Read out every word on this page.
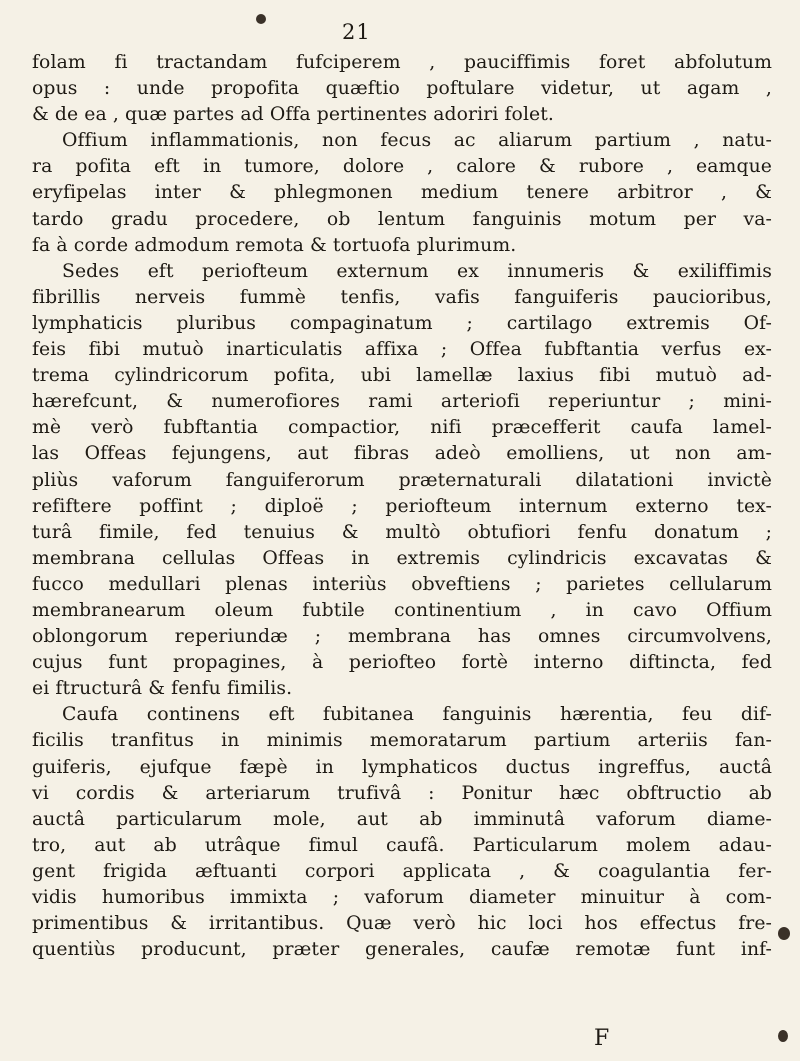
21
folam fi tractandam fufciperem , pauciffimis foret abfolutum
opus : unde propofita quæftio poftulare videtur, ut agam ,
& de ea , quæ partes ad Offa pertinentes adoriri folet.
Offium inflammationis, non fecus ac aliarum partium , natu-
ra pofita eft in tumore, dolore , calore & rubore , eamque
eryfipelas inter & phlegmonen medium tenere arbitror , &
tardo gradu procedere, ob lentum fanguinis motum per va-
fa à corde admodum remota & tortuofa plurimum.
Sedes eft periofteum externum ex innumeris & exiliffimis
fibrillis nerveis fummè tenfis, vafis fanguiferis paucioribus,
lymphaticis pluribus compaginatum ; cartilago extremis Of-
feis fibi mutuò inarticulatis affixa ; Offea fubftantia verfus ex-
trema cylindricorum pofita, ubi lamellæ laxius fibi mutuò ad-
hærefcunt, & numerofiores rami arteriofi reperiuntur ; mini-
mè verò fubftantia compactior, nifi præcefferit caufa lamel-
las Offeas fejungens, aut fibras adeò emolliens, ut non am-
pliùs vaforum fanguiferorum præternaturali dilatationi invictè
refiftere poffint ; diploë ; periofteum internum externo tex-
turâ fimile, fed tenuius & multò obtufiori fenfu donatum ;
membrana cellulas Offeas in extremis cylindricis excavatas &
fucco medullari plenas interiùs obveftiens ; parietes cellularum
membranearum oleum fubtile continentium , in cavo Offium
oblongorum reperiundæ ; membrana has omnes circumvolvens,
cujus funt propagines, à periofteo fortè interno diftincta, fed
ei ftructurâ & fenfu fimilis.
Caufa continens eft fubitanea fanguinis hærentia, feu dif-
ficilis tranfitus in minimis memoratarum partium arteriis fan-
guiferis, ejufque fæpè in lymphaticos ductus ingreffus, auctâ
vi cordis & arteriarum trufivâ : Ponitur hæc obftructio ab
auctâ particularum mole, aut ab imminutâ vaforum diame-
tro, aut ab utrâque fimul caufâ. Particularum molem adau-
gent frigida æftuanti corpori applicata , & coagulantia fer-
vidis humoribus immixta ; vaforum diameter minuitur à com-
primentibus & irritantibus. Quæ verò hic loci hos effectus fre-
quentiùs producunt, præter generales, caufæ remotæ funt inf-
F
